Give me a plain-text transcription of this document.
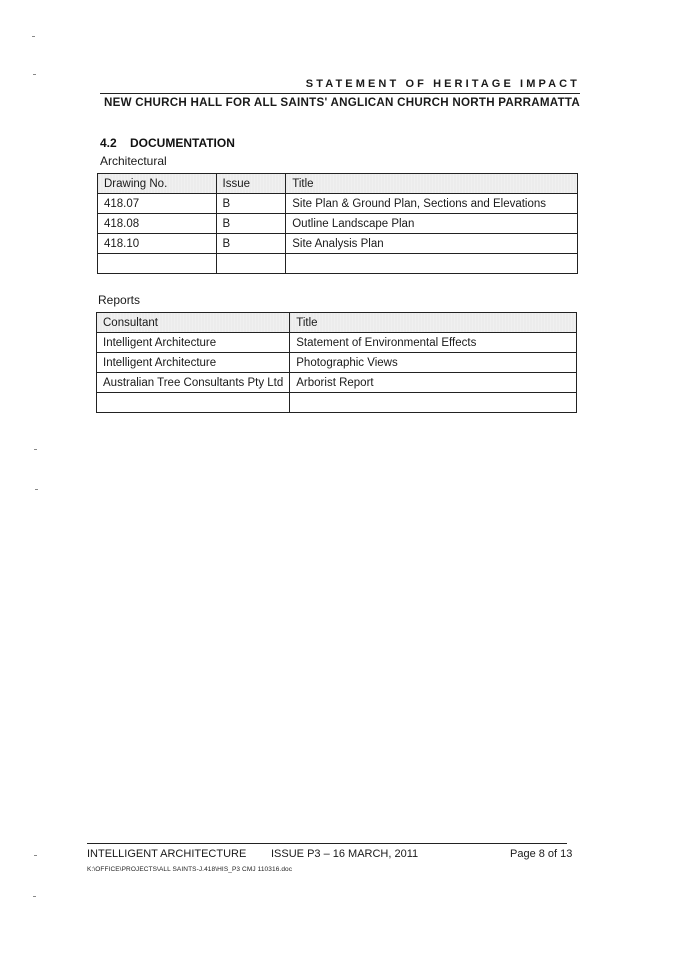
STATEMENT OF HERITAGE IMPACT
NEW CHURCH HALL FOR ALL SAINTS' ANGLICAN CHURCH NORTH PARRAMATTA
4.2 DOCUMENTATION
Architectural
Drawing No.	Issue	Title
418.07	B	Site Plan & Ground Plan, Sections and Elevations
418.08	B	Outline Landscape Plan
418.10	B	Site Analysis Plan

Reports
Consultant	Title
Intelligent Architecture	Statement of Environmental Effects
Intelligent Architecture	Photographic Views
Australian Tree Consultants Pty Ltd	Arborist Report

INTELLIGENT ARCHITECTURE ISSUE P3 – 16 MARCH, 2011	Page 8 of 13
K:\OFFICE\PROJECTS\ALL SAINTS-J.418\HIS_P3 CMJ 110316.doc
